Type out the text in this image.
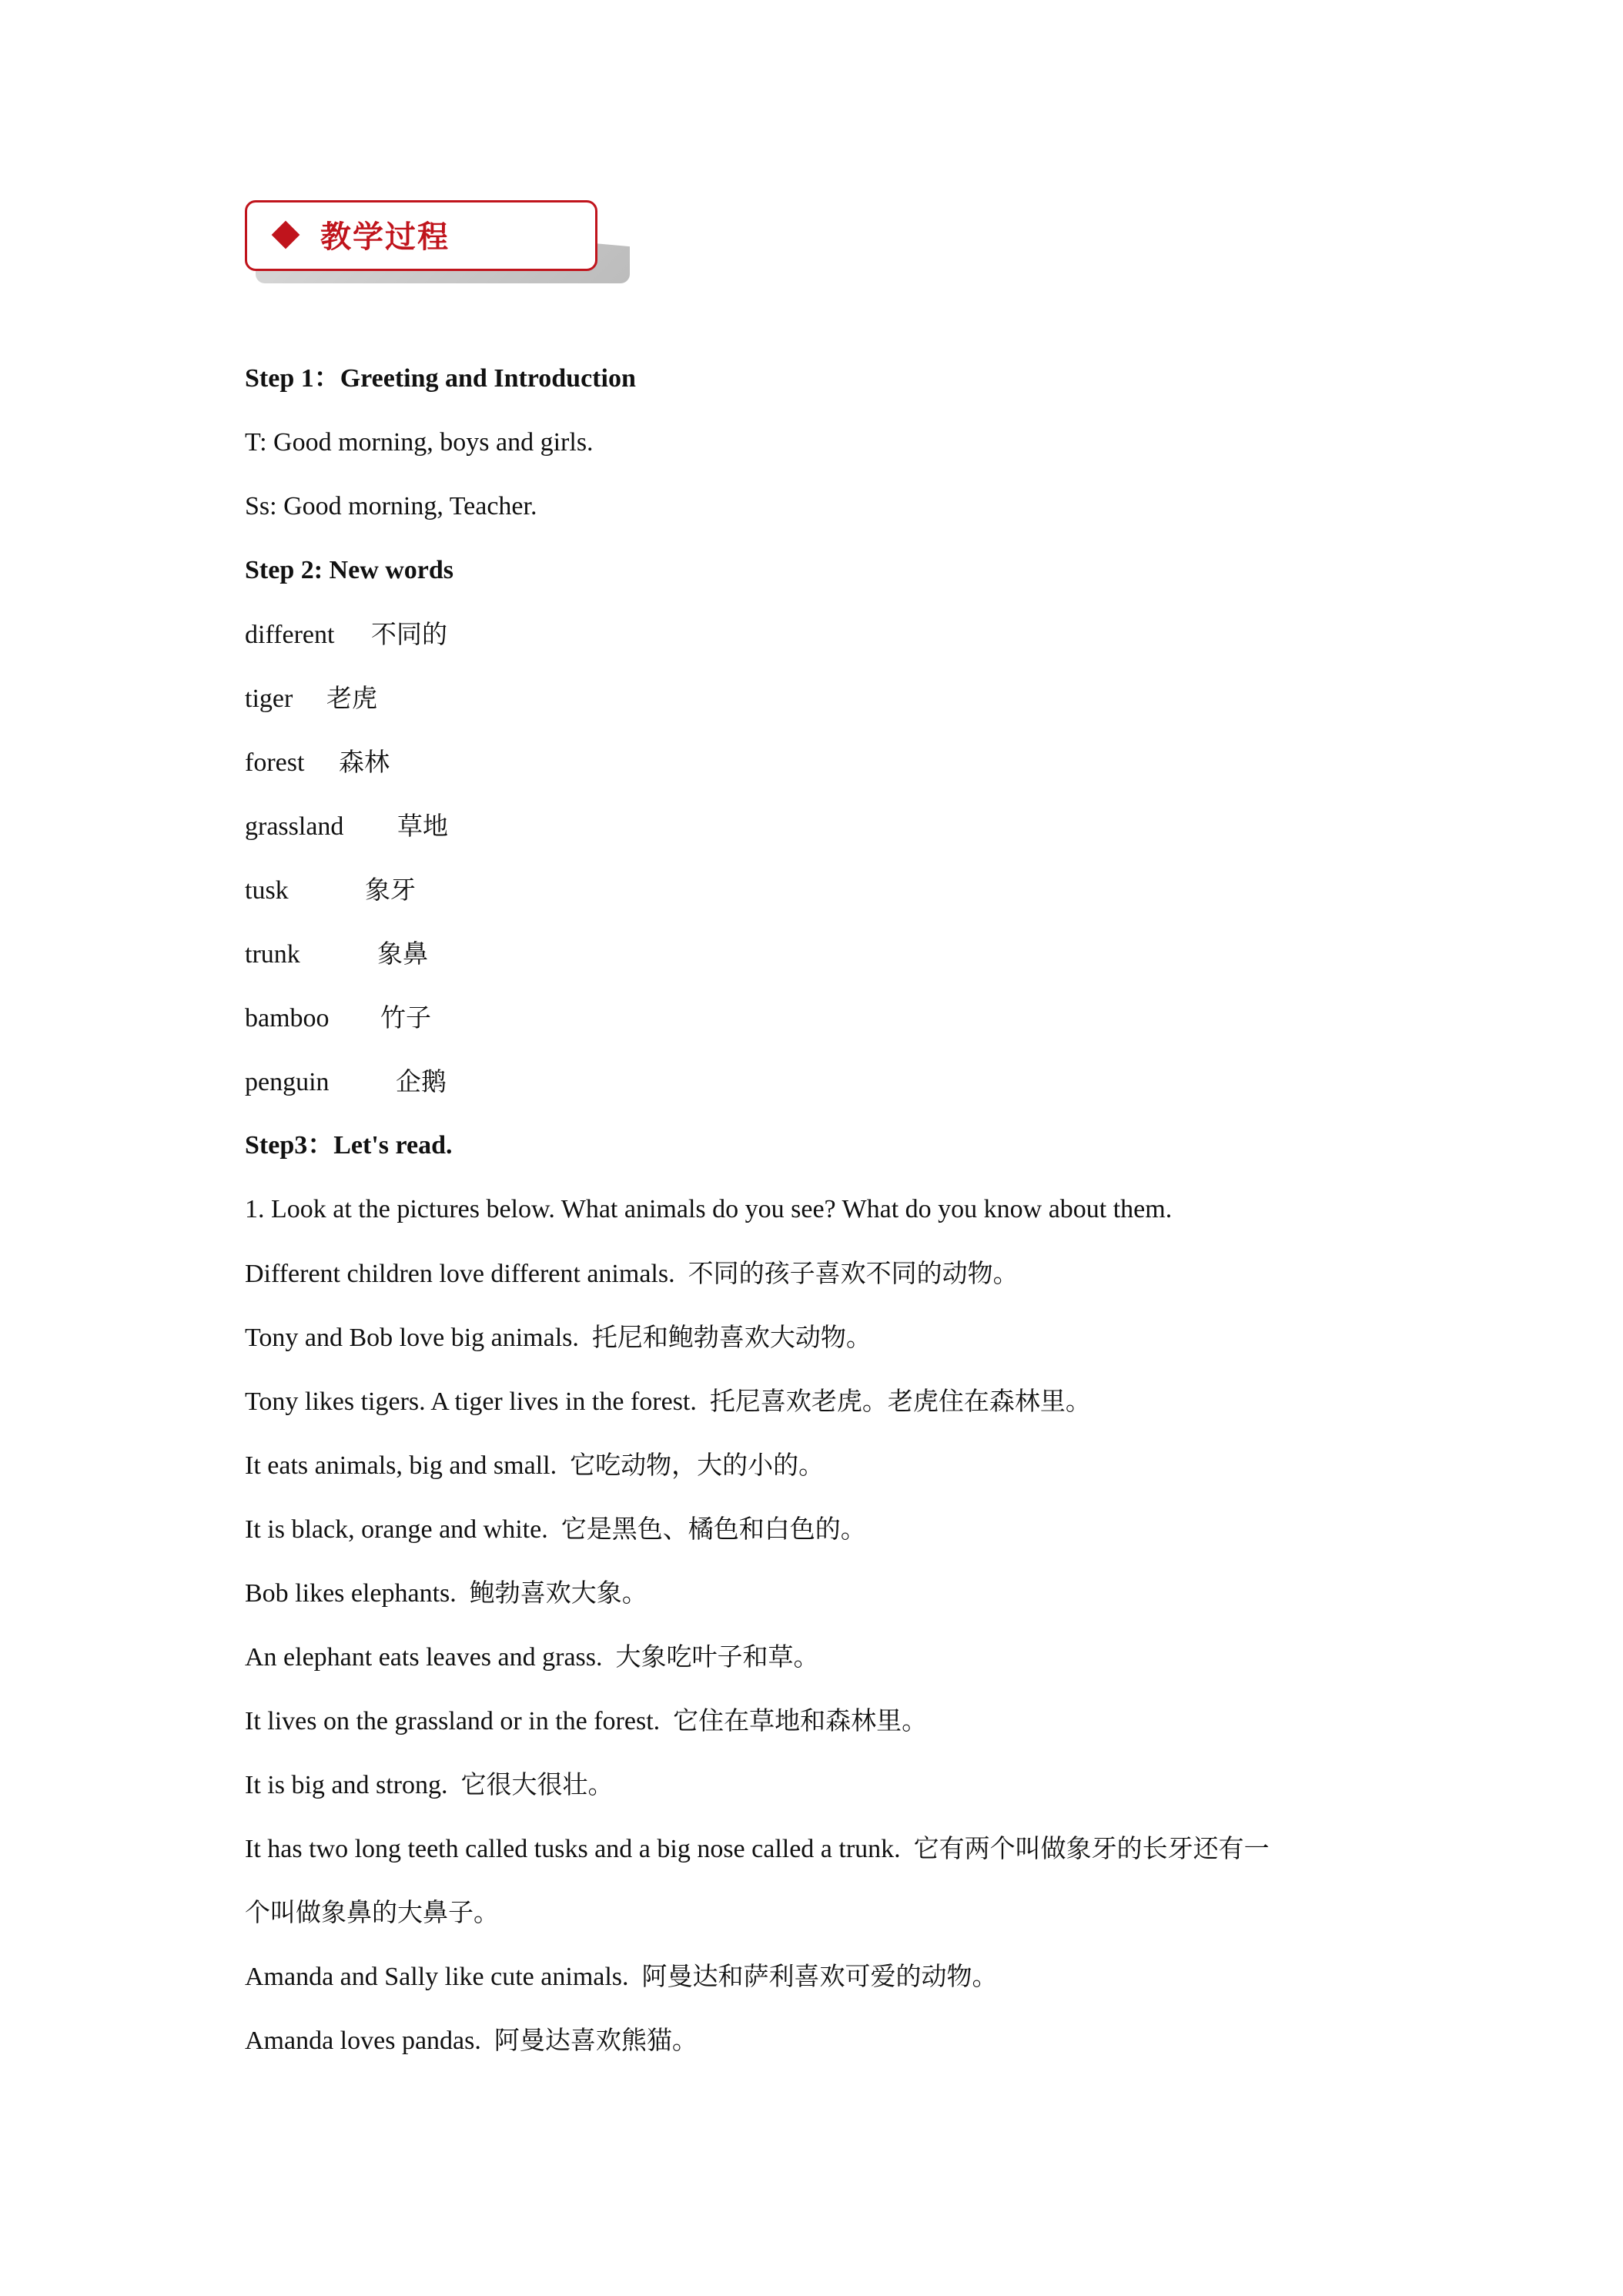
教学过程
Step 1：Greeting and Introduction
T: Good morning, boys and girls.
Ss: Good morning, Teacher.
Step 2: New words
different 不同的
tiger 老虎
forest 森林
grassland 草地
tusk	象牙
trunk	象鼻
bamboo 竹子
penguin	企鹅
Step3：Let's read.
1. Look at the pictures below. What animals do you see? What do you know about them.
Different children love different animals. 不同的孩子喜欢不同的动物。
Tony and Bob love big animals. 托尼和鲍勃喜欢大动物。
Tony likes tigers. A tiger lives in the forest. 托尼喜欢老虎。老虎住在森林里。
It eats animals, big and small. 它吃动物，大的小的。
It is black, orange and white. 它是黑色、橘色和白色的。
Bob likes elephants. 鲍勃喜欢大象。
An elephant eats leaves and grass. 大象吃叶子和草。
It lives on the grassland or in the forest. 它住在草地和森林里。
It is big and strong. 它很大很壮。
It has two long teeth called tusks and a big nose called a trunk. 它有两个叫做象牙的长牙还有一
个叫做象鼻的大鼻子。
Amanda and Sally like cute animals. 阿曼达和萨利喜欢可爱的动物。
Amanda loves pandas. 阿曼达喜欢熊猫。
